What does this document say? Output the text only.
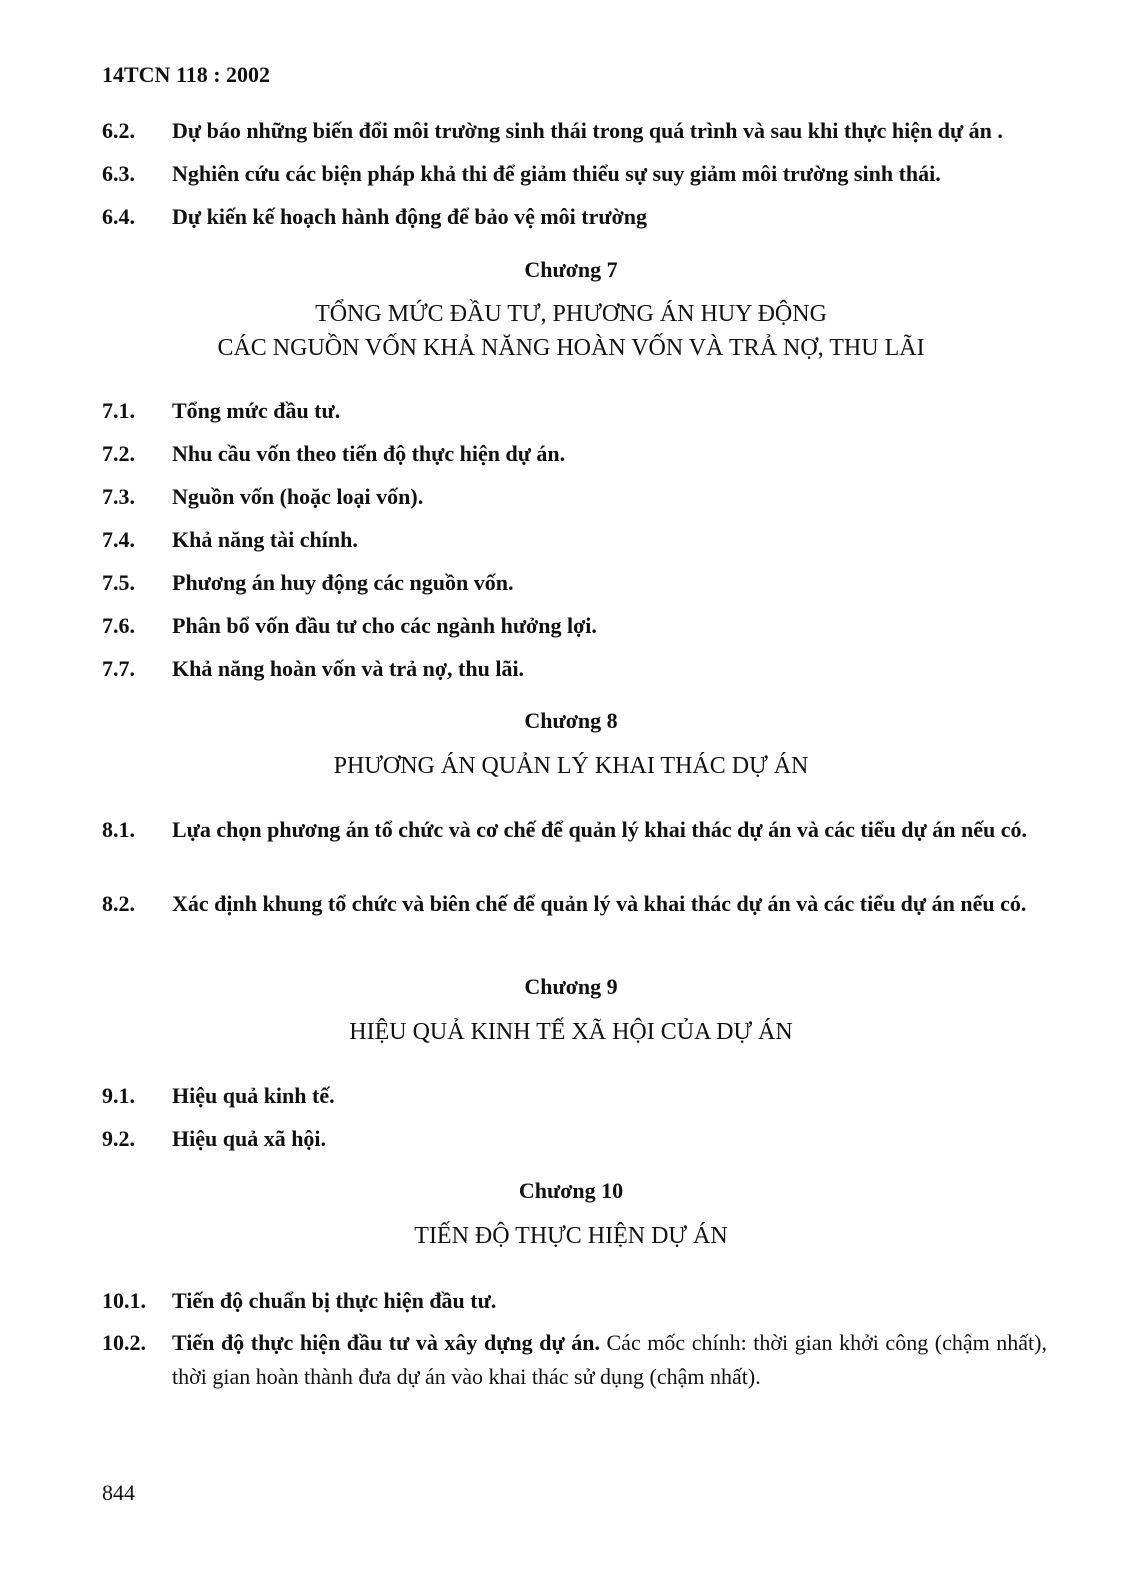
14TCN 118 : 2002
6.2.	Dự báo những biến đổi môi trường sinh thái trong quá trình và sau khi thực hiện dự án .
6.3.	Nghiên cứu các biện pháp khả thi để giảm thiểu sự suy giảm môi trường sinh thái.
6.4.	Dự kiến kế hoạch hành động để bảo vệ môi trường
Chương 7
TỔNG MỨC ĐẦU TƯ, PHƯƠNG ÁN HUY ĐỘNG
CÁC NGUỒN VỐN KHẢ NĂNG HOÀN VỐN VÀ TRẢ NỢ, THU LÃI
7.1.	Tổng mức đầu tư.
7.2.	Nhu cầu vốn theo tiến độ thực hiện dự án.
7.3.	Nguồn vốn (hoặc loại vốn).
7.4.	Khả năng tài chính.
7.5.	Phương án huy động các nguồn vốn.
7.6.	Phân bổ vốn đầu tư cho các ngành hưởng lợi.
7.7.	Khả năng hoàn vốn và trả nợ, thu lãi.
Chương 8
PHƯƠNG ÁN QUẢN LÝ KHAI THÁC DỰ ÁN
8.1.	Lựa chọn phương án tổ chức và cơ chế để quản lý khai thác dự án và các tiểu dự án nếu có.
8.2.	Xác định khung tổ chức và biên chế để quản lý và khai thác dự án và các tiểu dự án nếu có.
Chương 9
HIỆU QUẢ KINH TẾ XÃ HỘI CỦA DỰ ÁN
9.1.	Hiệu quả kinh tế.
9.2.	Hiệu quả xã hội.
Chương 10
TIẾN ĐỘ THỰC HIỆN DỰ ÁN
10.1.	Tiến độ chuẩn bị thực hiện đầu tư.
10.2.	Tiến độ thực hiện đầu tư và xây dựng dự án. Các mốc chính: thời gian khởi công (chậm nhất), thời gian hoàn thành đưa dự án vào khai thác sử dụng (chậm nhất).
844
